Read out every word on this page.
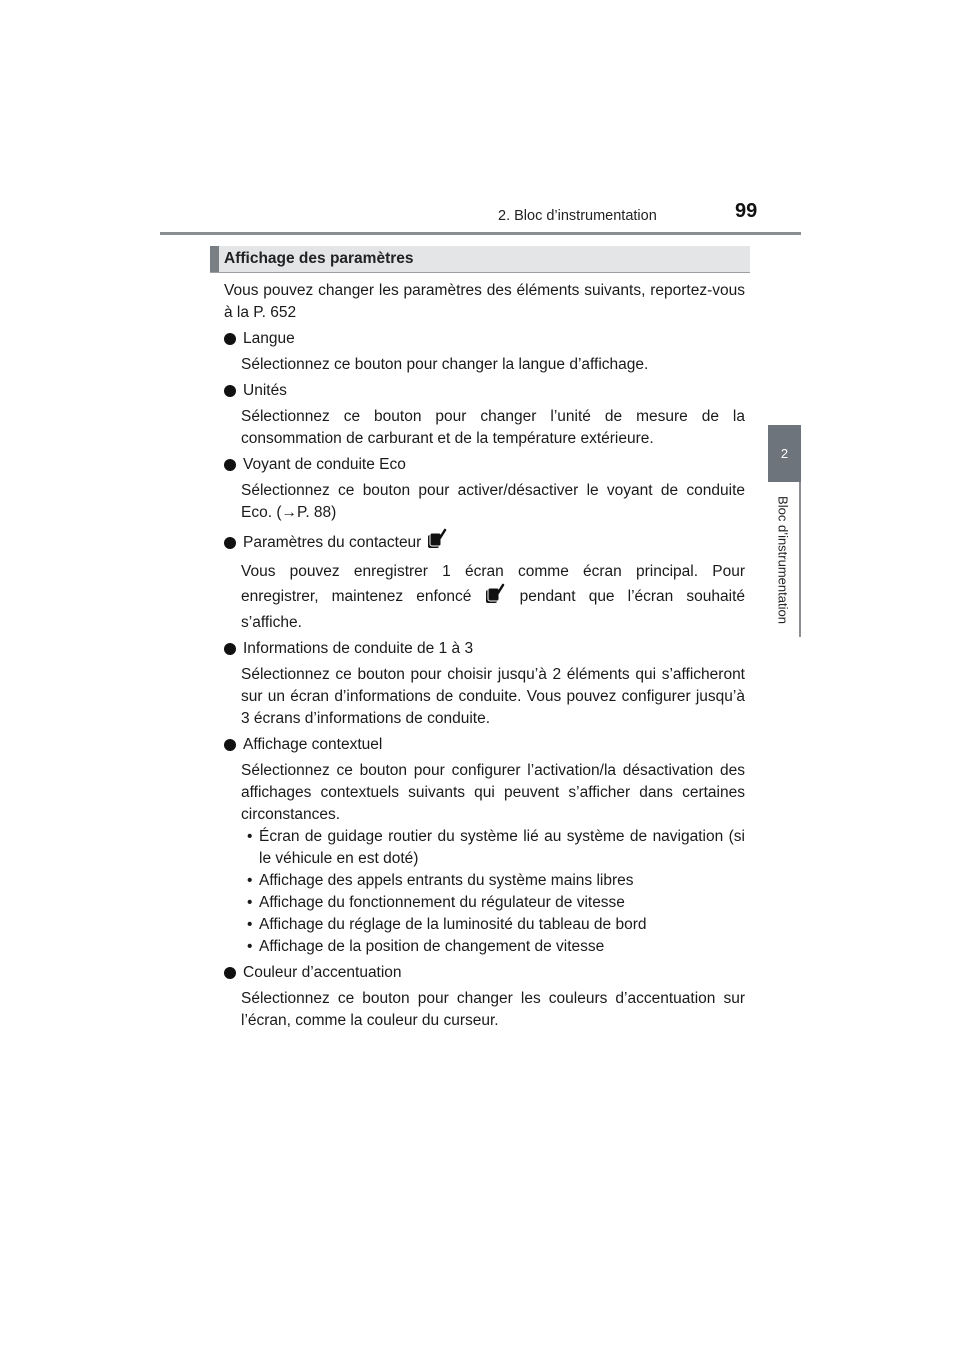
2. Bloc d’instrumentation	99
2
Bloc d’instrumentation
Affichage des paramètres

Vous pouvez changer les paramètres des éléments suivants, reportez-vous à la P. 652

Langue
Sélectionnez ce bouton pour changer la langue d’affichage.
Unités
Sélectionnez ce bouton pour changer l’unité de mesure de la consommation de carburant et de la température extérieure.
Voyant de conduite Eco
Sélectionnez ce bouton pour activer/désactiver le voyant de conduite Eco. (→P. 88)
Paramètres du contacteur

Vous pouvez enregistrer 1 écran comme écran principal. Pour enregistrer, maintenez enfoncé	pendant que l’écran souhaité s’affiche.
Informations de conduite de 1 à 3
Sélectionnez ce bouton pour choisir jusqu’à 2 éléments qui s’afficheront sur un écran d’informations de conduite. Vous pouvez configurer jusqu’à 3 écrans d’informations de conduite.
Affichage contextuel
Sélectionnez ce bouton pour configurer l’activation/la désactivation des affichages contextuels suivants qui peuvent s’afficher dans certaines circonstances.
• Écran de guidage routier du système lié au système de navigation (si le véhicule en est doté)
• Affichage des appels entrants du système mains libres
• Affichage du fonctionnement du régulateur de vitesse
• Affichage du réglage de la luminosité du tableau de bord
• Affichage de la position de changement de vitesse
Couleur d’accentuation
Sélectionnez ce bouton pour changer les couleurs d’accentuation sur l’écran, comme la couleur du curseur.
